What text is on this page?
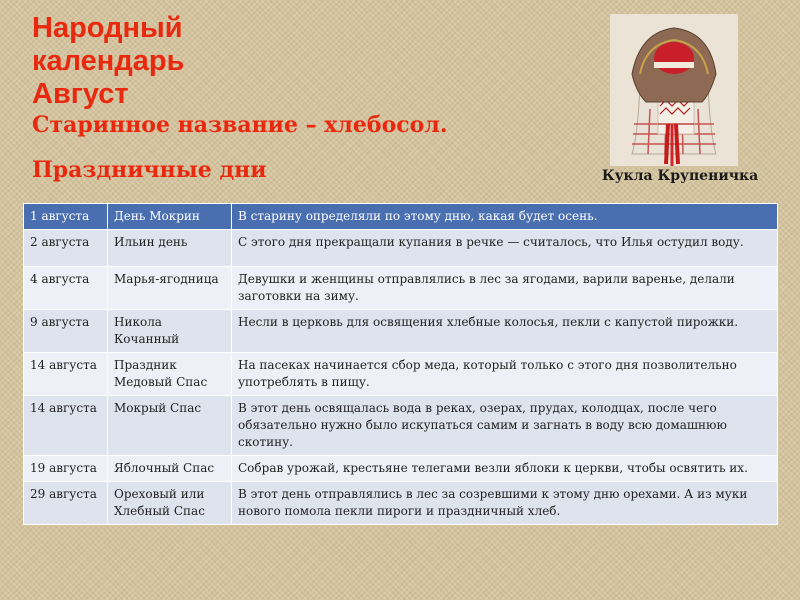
Народный
календарь
Август

Старинное название – хлебосол.

Праздничные дни	Кукла Крупеничка
1 августа	День Мокрин	В старину определяли по этому дню, какая будет осень.
2 августа	Ильин день	С этого дня прекращали купания в речке — считалось, что Илья остудил воду.
4 августа	Марья-ягодница	Девушки и женщины отправлялись в лес за ягодами, варили варенье, делали заготовки на зиму.
9 августа	Никола Кочанный	Несли в церковь для освящения хлебные колосья, пекли с капустой пирожки.
14 августа	Праздник Медовый Спас	На пасеках начинается сбор меда, который только с этого дня позволительно употреблять в пищу.
14 августа	Мокрый Спас	В этот день освящалась вода в реках, озерах, прудах, колодцах, после чего обязательно нужно было искупаться самим и загнать в воду всю домашнюю скотину.
19 августа	Яблочный Спас	Собрав урожай, крестьяне телегами везли яблоки к церкви, чтобы освятить их.
29 августа	Ореховый или Хлебный Спас	В этот день отправлялись в лес за созревшими к этому дню орехами. А из муки нового помола пекли пироги и праздничный хлеб.
